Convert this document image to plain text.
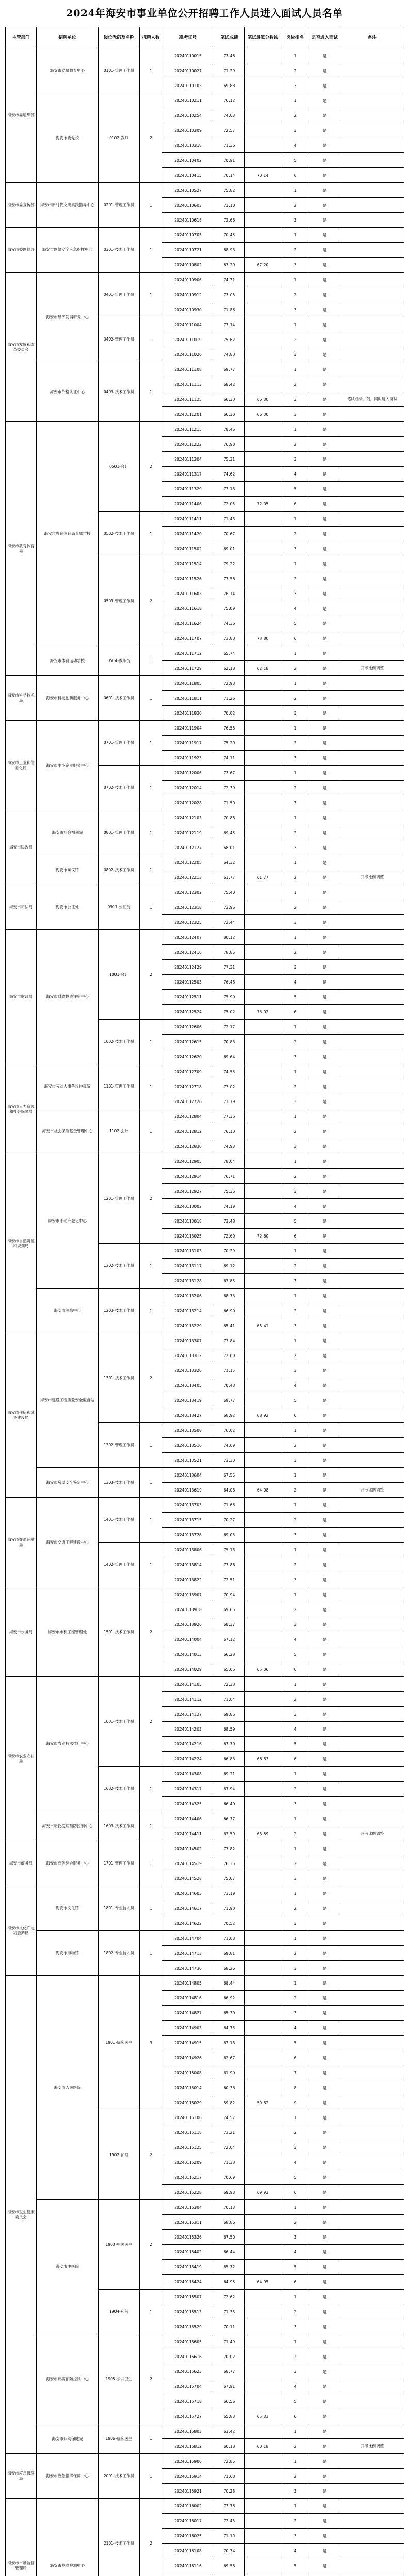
2024年海安市事业单位公开招聘工作人员进入面试人员名单
主管部门	招聘单位	岗位代码及名称	招聘人数	准考证号	笔试成绩	笔试最低分数线	岗位排名	是否进入面试	备注
海安市委组织部	海安市党员教育中心	0101-管理工作员	1	20240110015	73.46		1	是	
				20240110027	71.29		2	是	
				20240110103	69.88		3	是	
	海安市委党校	0102-教师	2	20240110211	76.12		1	是	
				20240110254	74.03		2	是	
				20240110309	72.57		3	是	
				20240110318	71.36		4	是	
				20240110402	70.91		5	是	
				20240110415	70.14	70.14	6	是	
海安市委宣传部	海安市新时代文明实践指导中心	0201-管理工作员	1	20240110527	75.82		1	是	
				20240110603	73.10		2	是	
				20240110618	72.66		3	是	
海安市委网信办	海安市网络安全应急指挥中心	0301-技术工作员	1	20240110705	70.45		1	是	
				20240110721	68.93		2	是	
				20240110802	67.20	67.20	3	是	
海安市发展和改革委员会	海安市经济发展研究中心	0401-管理工作员	1	20240110906	74.31		1	是	
				20240110912	73.05		2	是	
				20240110930	71.88		3	是	
		0402-管理工作员	1	20240111004	77.14		1	是	
				20240111019	75.62		2	是	
				20240111026	74.80		3	是	
	海安市价格认证中心	0403-技术工作员	1	20240111108	69.77		1	是	
				20240111113	68.42		2	是	
				20240111125	66.30	66.30	3	是	笔试成绩并列，同时进入面试
				20240111201	66.30	66.30	3	是	
海安市教育体育局	海安市教育体育局直属学校	0501-会计	2	20240111215	78.46		1	是	
				20240111222	76.90		2	是	
				20240111304	75.31		3	是	
				20240111317	74.62		4	是	
				20240111329	73.18		5	是	
				20240111406	72.05	72.05	6	是	
		0502-技术工作员	1	20240111411	71.43		1	是	
				20240111420	70.67		2	是	
				20240111502	69.01		3	是	
		0503-管理工作员	2	20240111514	79.22		1	是	
				20240111526	77.58		2	是	
				20240111603	76.14		3	是	
				20240111618	75.09		4	是	
				20240111624	74.36		5	是	
				20240111707	73.80	73.80	6	是	
	海安市体育运动学校	0504-教练员	1	20240111712	65.74		1	是	
				20240111729	62.18	62.18	2	是	开考比例调整
海安市科学技术局	海安市科技创新服务中心	0601-技术工作员	1	20240111805	72.93		1	是	
				20240111811	71.26		2	是	
				20240111830	70.02		3	是	
海安市工业和信息化局	海安市中小企业服务中心	0701-管理工作员	1	20240111904	76.58		1	是	
				20240111917	75.20		2	是	
				20240111923	74.11		3	是	
		0702-技术工作员	1	20240112006	73.67		1	是	
				20240112014	72.39		2	是	
				20240112028	71.50		3	是	
海安市民政局	海安市社会福利院	0801-管理工作员	1	20240112103	70.88		1	是	
				20240112119	69.45		2	是	
				20240112127	68.01		3	是	
	海安市殡仪馆	0802-技术工作员	1	20240112205	64.32		1	是	
				20240112213	61.77	61.77	2	是	开考比例调整
海安市司法局	海安市公证处	0901-公证员	1	20240112302	75.40		1	是	
				20240112318	73.96		2	是	
				20240112325	72.44		3	是	
海安市财政局	海安市财政投资评审中心	1001-会计	2	20240112407	80.12		1	是	
				20240112416	78.85		2	是	
				20240112429	77.31		3	是	
				20240112503	76.48		4	是	
				20240112511	75.90		5	是	
				20240112524	75.02	75.02	6	是	
		1002-技术工作员	1	20240112606	72.17		1	是	
				20240112615	70.83		2	是	
				20240112620	69.64		3	是	
海安市人力资源和社会保障局	海安市劳动人事争议仲裁院	1101-管理工作员	1	20240112709	74.55		1	是	
				20240112718	73.02		2	是	
				20240112726	71.79		3	是	
	海安市社会保险基金管理中心	1102-会计	1	20240112804	77.36		1	是	
				20240112812	76.10		2	是	
				20240112830	74.93		3	是	
海安市自然资源和规划局	海安市不动产登记中心	1201-管理工作员	2	20240112905	78.04		1	是	
				20240112914	76.71		2	是	
				20240112927	75.36		3	是	
				20240113002	74.19		4	是	
				20240113018	73.48		5	是	
				20240113025	72.60	72.60	6	是	
		1202-技术工作员	1	20240113103	70.29		1	是	
				20240113117	69.12		2	是	
				20240113128	67.85		3	是	
	海安市测绘中心	1203-技术工作员	1	20240113206	68.73		1	是	
				20240113214	66.90		2	是	
				20240113229	65.41	65.41	3	是	
海安市住房和城乡建设局	海安市建设工程质量安全监督站	1301-技术工作员	2	20240113307	73.84		1	是	
				20240113312	72.60		2	是	
				20240113326	71.15		3	是	
				20240113405	70.48		4	是	
				20240113419	69.77		5	是	
				20240113427	68.92	68.92	6	是	
		1302-管理工作员	1	20240113508	76.02		1	是	
				20240113516	74.69		2	是	
				20240113521	73.30		3	是	
	海安市房屋安全鉴定中心	1303-技术工作员	1	20240113604	67.55		1	是	
				20240113619	64.08	64.08	2	是	开考比例调整
海安市交通运输局	海安市交通工程建设中心	1401-技术工作员	1	20240113703	71.66		1	是	
				20240113715	70.27		2	是	
				20240113728	69.03		3	是	
		1402-管理工作员	1	20240113806	75.13		1	是	
				20240113814	73.88		2	是	
				20240113822	72.51		3	是	
海安市水务局	海安市水利工程管理处	1501-技术工作员	2	20240113907	70.94		1	是	
				20240113918	69.65		2	是	
				20240113926	68.37		3	是	
				20240114004	67.12		4	是	
				20240114013	66.28		5	是	
				20240114029	65.06	65.06	6	是	
海安市农业农村局	海安市农业技术推广中心	1601-技术工作员	2	20240114105	72.38		1	是	
				20240114112	71.04		2	是	
				20240114127	69.86		3	是	
				20240114203	68.59		4	是	
				20240114216	67.70		5	是	
				20240114224	66.83	66.83	6	是	
		1602-技术工作员	1	20240114308	69.21		1	是	
				20240114317	67.94		2	是	
				20240114325	66.40		3	是	
	海安市动物疫病预防控制中心	1603-技术工作员	1	20240114406	66.77		1	是	
				20240114411	63.59	63.59	2	是	开考比例调整
海安市商务局	海安市商务综合服务中心	1701-管理工作员	1	20240114502	77.82		1	是	
				20240114519	76.35		2	是	
				20240114528	75.07		3	是	
海安市文化广电和旅游局	海安市文化馆	1801-专业技术员	1	20240114603	73.19		1	是	
				20240114617	71.90		2	是	
				20240114622	70.52		3	是	
	海安市博物馆	1802-专业技术员	1	20240114704	71.08		1	是	
				20240114713	69.81		2	是	
				20240114730	68.26		3	是	
海安市卫生健康委员会	海安市人民医院	1901-临床医生	3	20240114805	68.44		1	是	
				20240114816	66.92		2	是	
				20240114827	65.30		3	是	
				20240114903	64.75		4	是	
				20240114915	63.18		5	是	
				20240114926	62.67		6	是	
				20240115008	61.90		7	是	
				20240115014	60.36		8	是	
				20240115029	59.82	59.82	9	是	
		1902-护理	2	20240115106	74.57		1	是	
				20240115118	73.21		2	是	
				20240115125	72.04		3	是	
				20240115209	71.38		4	是	
				20240115217	70.69		5	是	
				20240115228	69.93	69.93	6	是	
	海安市中医院	1903-中医医生	2	20240115304	70.13		1	是	
				20240115311	68.86		2	是	
				20240115326	67.50		3	是	
				20240115402	66.44		4	是	
				20240115419	65.72		5	是	
				20240115424	64.95	64.95	6	是	
		1904-药剂	1	20240115507	72.62		1	是	
				20240115513	71.35		2	是	
				20240115529	70.11		3	是	
	海安市疾病预防控制中心	1905-公共卫生	2	20240115605	71.49		1	是	
				20240115616	70.02		2	是	
				20240115623	68.77		3	是	
				20240115704	67.91		4	是	
				20240115718	66.56		5	是	
				20240115727	65.83	65.83	6	是	
	海安市妇幼保健院	1906-临床医生	1	20240115803	63.42		1	是	
				20240115812	60.18	60.18	2	是	开考比例调整
海安市应急管理局	海安市应急指挥保障中心	2001-技术工作员	1	20240115906	72.85		1	是	
				20240115914	71.60		2	是	
				20240115921	70.28		3	是	
海安市市场监督管理局	海安市检验检测中心	2101-技术工作员	2	20240116002	73.76		1	是	
				20240116017	72.43		2	是	
				20240116025	71.19		3	是	
				20240116108	70.34		4	是	
				20240116116	69.58		5	是	
